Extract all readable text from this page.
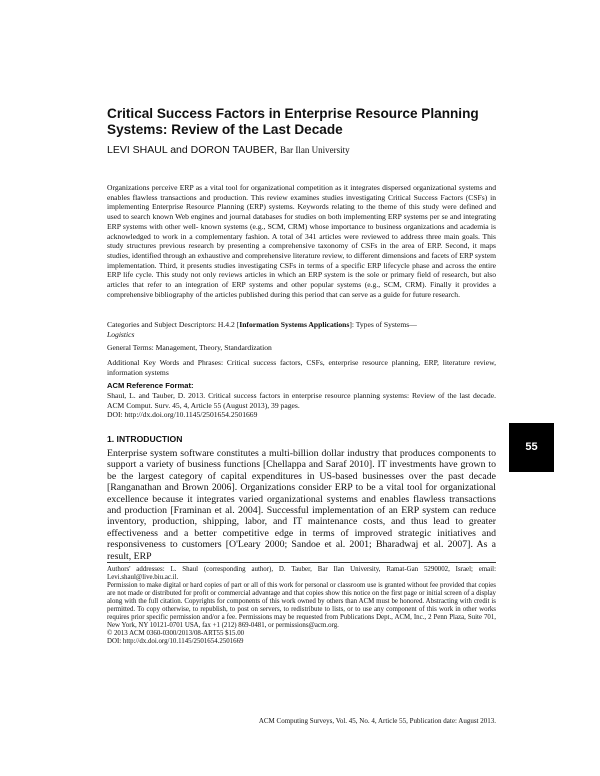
Critical Success Factors in Enterprise Resource Planning Systems: Review of the Last Decade
LEVI SHAUL and DORON TAUBER, Bar Ilan University

Organizations perceive ERP as a vital tool for organizational competition as it integrates dispersed organizational systems and enables flawless transactions and production. This review examines studies investigating Critical Success Factors (CSFs) in implementing Enterprise Resource Planning (ERP) systems. Keywords relating to the theme of this study were defined and used to search known Web engines and journal databases for studies on both implementing ERP systems per se and integrating ERP systems with other well- known systems (e.g., SCM, CRM) whose importance to business organizations and academia is acknowledged to work in a complementary fashion. A total of 341 articles were reviewed to address three main goals. This study structures previous research by presenting a comprehensive taxonomy of CSFs in the area of ERP. Second, it maps studies, identified through an exhaustive and comprehensive literature review, to different dimensions and facets of ERP system implementation. Third, it presents studies investigating CSFs in terms of a specific ERP lifecycle phase and across the entire ERP life cycle. This study not only reviews articles in which an ERP system is the sole or primary field of research, but also articles that refer to an integration of ERP systems and other popular systems (e.g., SCM, CRM). Finally it provides a comprehensive bibliography of the articles published during this period that can serve as a guide for future research.

Categories and Subject Descriptors: H.4.2 [Information Systems Applications]: Types of Systems—
Logistics

General Terms: Management, Theory, Standardization

Additional Key Words and Phrases: Critical success factors, CSFs, enterprise resource planning, ERP, literature review, information systems

ACM Reference Format:

Shaul, L. and Tauber, D. 2013. Critical success factors in enterprise resource planning systems: Review of the last decade. ACM Comput. Surv. 45, 4, Article 55 (August 2013), 39 pages.
DOI: http://dx.doi.org/10.1145/2501654.2501669

1. INTRODUCTION

Enterprise system software constitutes a multi-billion dollar industry that produces components to support a variety of business functions [Chellappa and Saraf 2010]. IT investments have grown to be the largest category of capital expenditures in US-based businesses over the past decade [Ranganathan and Brown 2006]. Organizations consider ERP to be a vital tool for organizational excellence because it integrates varied organizational systems and enables flawless transactions and production [Framinan et al. 2004]. Successful implementation of an ERP system can reduce inventory, production, shipping, labor, and IT maintenance costs, and thus lead to greater effectiveness and a better competitive edge in terms of improved strategic initiatives and responsiveness to customers [O'Leary 2000; Sandoe et al. 2001; Bharadwaj et al. 2007]. As a result, ERP

Authors' addresses: L. Shaul (corresponding author), D. Tauber, Bar Ilan University, Ramat-Gan 5290002, Israel; email: Levi.shaul@live.biu.ac.il.
Permission to make digital or hard copies of part or all of this work for personal or classroom use is granted without fee provided that copies are not made or distributed for profit or commercial advantage and that copies show this notice on the first page or initial screen of a display along with the full citation. Copyrights for components of this work owned by others than ACM must be honored. Abstracting with credit is permitted. To copy otherwise, to republish, to post on servers, to redistribute to lists, or to use any component of this work in other works requires prior specific permission and/or a fee. Permissions may be requested from Publications Dept., ACM, Inc., 2 Penn Plaza, Suite 701, New York, NY 10121-0701 USA, fax +1 (212) 869-0481, or permissions@acm.org.
© 2013 ACM 0360-0300/2013/08-ART55 $15.00
DOI: http://dx.doi.org/10.1145/2501654.2501669
ACM Computing Surveys, Vol. 45, No. 4, Article 55, Publication date: August 2013.
55
